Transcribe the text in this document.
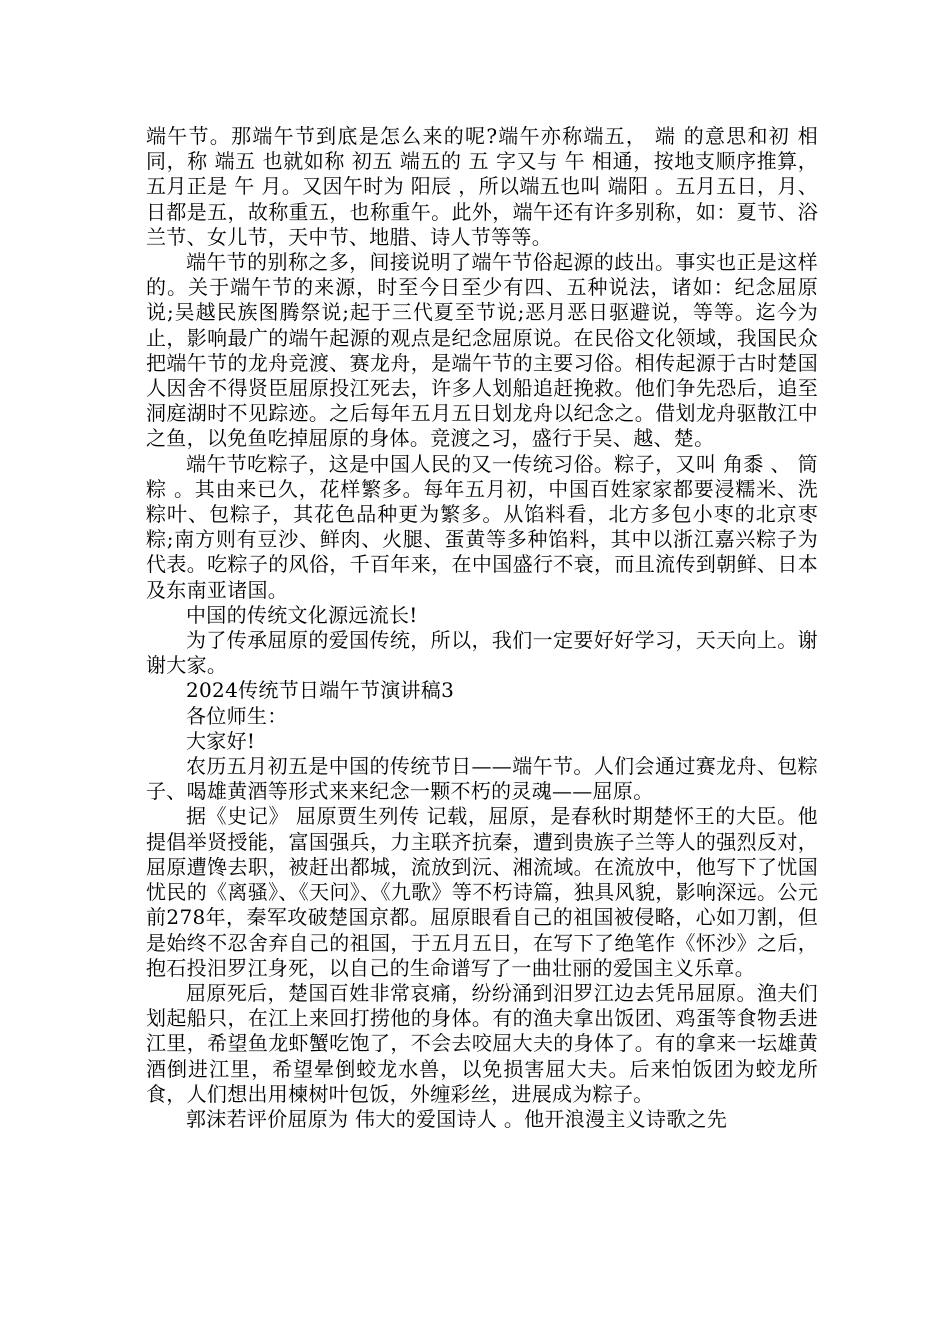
端午节。那端午节到底是怎么来的呢?端午亦称端五， 端 的意思和初 相同，称 端五 也就如称 初五 端五的 五 字又与 午 相通，按地支顺序推算，五月正是 午 月。又因午时为 阳辰 ，所以端五也叫 端阳 。五月五日，月、日都是五，故称重五，也称重午。此外，端午还有许多别称，如：夏节、浴兰节、女儿节，天中节、地腊、诗人节等等。

端午节的别称之多，间接说明了端午节俗起源的歧出。事实也正是这样的。关于端午节的来源，时至今日至少有四、五种说法，诸如：纪念屈原说;吴越民族图腾祭说;起于三代夏至节说;恶月恶日驱避说，等等。迄今为止，影响最广的端午起源的观点是纪念屈原说。在民俗文化领域，我国民众把端午节的龙舟竞渡、赛龙舟，是端午节的主要习俗。相传起源于古时楚国人因舍不得贤臣屈原投江死去，许多人划船追赶挽救。他们争先恐后，追至洞庭湖时不见踪迹。之后每年五月五日划龙舟以纪念之。借划龙舟驱散江中之鱼，以免鱼吃掉屈原的身体。竞渡之习，盛行于吴、越、楚。

端午节吃粽子，这是中国人民的又一传统习俗。粽子，又叫 角黍 、 筒粽 。其由来已久，花样繁多。每年五月初，中国百姓家家都要浸糯米、洗粽叶、包粽子，其花色品种更为繁多。从馅料看，北方多包小枣的北京枣粽;南方则有豆沙、鲜肉、火腿、蛋黄等多种馅料，其中以浙江嘉兴粽子为代表。吃粽子的风俗，千百年来，在中国盛行不衰，而且流传到朝鲜、日本及东南亚诸国。

中国的传统文化源远流长!

为了传承屈原的爱国传统，所以，我们一定要好好学习，天天向上。谢谢大家。

2024传统节日端午节演讲稿3

各位师生：

大家好!

农历五月初五是中国的传统节日——端午节。人们会通过赛龙舟、包粽子、喝雄黄酒等形式来来纪念一颗不朽的灵魂——屈原。

据《史记》 屈原贾生列传 记载，屈原，是春秋时期楚怀王的大臣。他提倡举贤授能，富国强兵，力主联齐抗秦，遭到贵族子兰等人的强烈反对，屈原遭馋去职，被赶出都城，流放到沅、湘流域。在流放中，他写下了忧国忧民的《离骚》、《天问》、《九歌》等不朽诗篇，独具风貌，影响深远。公元前278年，秦军攻破楚国京都。屈原眼看自己的祖国被侵略，心如刀割，但是始终不忍舍弃自己的祖国，于五月五日，在写下了绝笔作《怀沙》之后，抱石投汨罗江身死，以自己的生命谱写了一曲壮丽的爱国主义乐章。

屈原死后，楚国百姓非常哀痛，纷纷涌到汨罗江边去凭吊屈原。渔夫们划起船只，在江上来回打捞他的身体。有的渔夫拿出饭团、鸡蛋等食物丢进江里，希望鱼龙虾蟹吃饱了，不会去咬屈大夫的身体了。有的拿来一坛雄黄酒倒进江里，希望晕倒蛟龙水兽，以免损害屈大夫。后来怕饭团为蛟龙所食，人们想出用楝树叶包饭，外缠彩丝，进展成为粽子。

郭沫若评价屈原为 伟大的爱国诗人 。他开浪漫主义诗歌之先
